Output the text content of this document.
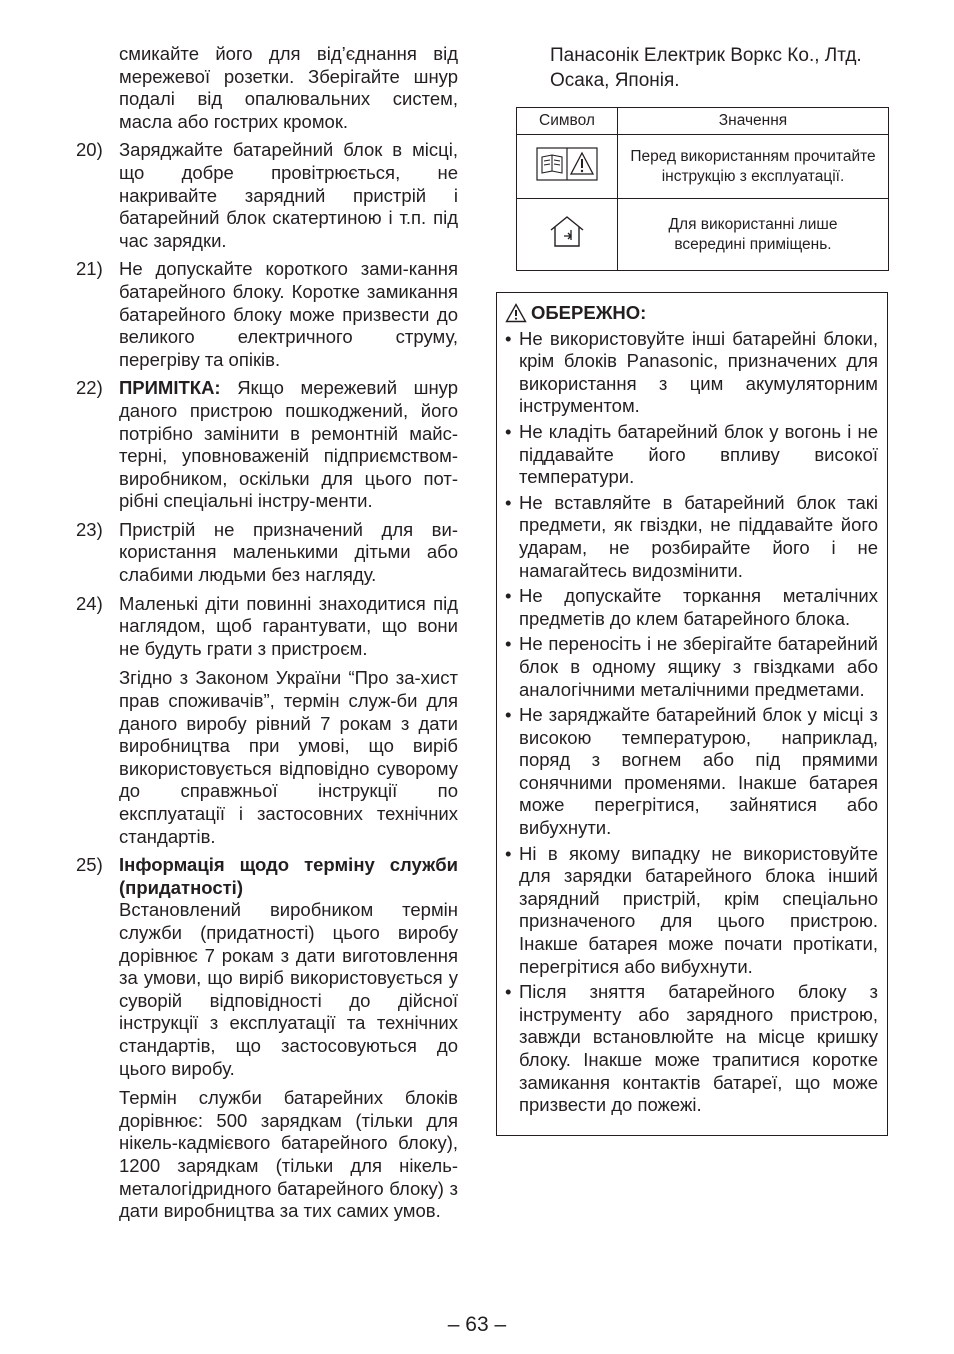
смикайте його для від’єднання від мережевої розетки. Зберігайте шнур подалі від опалювальних систем, масла або гострих кромок.

20) Заряджайте батарейний блок в місці, що добре провітрюється, не накривайте зарядний пристрій і батарейний блок скатертиною і т.п. під час зарядки.

21) Не допускайте короткого зами-кання батарейного блоку. Коротке замикання батарейного блоку може призвести до великого електричного струму, перегріву та опіків.

22) ПРИМІТКА: Якщо мережевий шнур даного пристрою пошкоджений, його потрібно замінити в ремонтній майс-терні, уповноваженій підприємством-виробником, оскільки для цього пот-рібні спеціальні інстру-менти.

23) Пристрій не призначений для ви-користання маленькими дітьми або слабими людьми без нагляду.

24) Маленькі діти повинні знаходитися під наглядом, щоб гарантувати, що вони не будуть грати з пристроєм.

Згідно з Законом України “Про за-хист прав споживачів”, термін служ-би для даного виробу рівний 7 рокам з дати виробництва при умові, що виріб використовується відповідно суворому до справжньої інструкції по експлуатації і застосовних технічних стандартів.

25) Інформація щодо терміну служби (придатності)
Встановлений виробником термін служби (придатності) цього виробу дорівнює 7 рокам з дати виготовлення за умови, що виріб використовується у суворій відповідності до дійсної інструкції з експлуатації та технічних стандартів, що застосовуються до цього виробу.

Термін служби батарейних блоків дорівнює: 500 зарядкам (тільки для нікель-кадмієвого батарейного блоку), 1200 зарядкам (тільки для нікель-металогідридного батарейного блоку) з дати виробництва за тих самих умов.

Панасонік Електрик Воркс Ко., Лтд.
Осака, Японія.

Символ	Значення
	Перед використанням прочитайте інструкцію з експлуатації.
	Для використанні лише всередині приміщень.
ОБЕРЕЖНО:
• Не використовуйте інші батарейні блоки, крім блоків Panasonic, призначених для використання з цим акумуляторним інструментом.
• Не кладіть батарейний блок у вогонь і не піддавайте його впливу високої температури.
• Не вставляйте в батарейний блок такі предмети, як гвіздки, не піддавайте його ударам, не розбирайте його і не намагайтесь видозмінити.
• Не допускайте торкання металічних предметів до клем батарейного блока.
• Не переносіть і не зберігайте батарейний блок в одному ящику з гвіздками або аналогічними металічними предметами.
• Не заряджайте батарейний блок у місці з високою температурою, наприклад, поряд з вогнем або під прямими сонячними променями. Інакше батарея може перегрітися, зайнятися або вибухнути.
• Ні в якому випадку не використовуйте для зарядки батарейного блока інший зарядний пристрій, крім спеціально призначеного для цього пристрою. Інакше батарея може почати протікати, перегрітися або вибухнути.
• Після зняття батарейного блоку з інструменту або зарядного пристрою, завжди встановлюйте на місце кришку блоку. Інакше може трапитися коротке замикання контактів батареї, що може призвести до пожежі.
– 63 –
